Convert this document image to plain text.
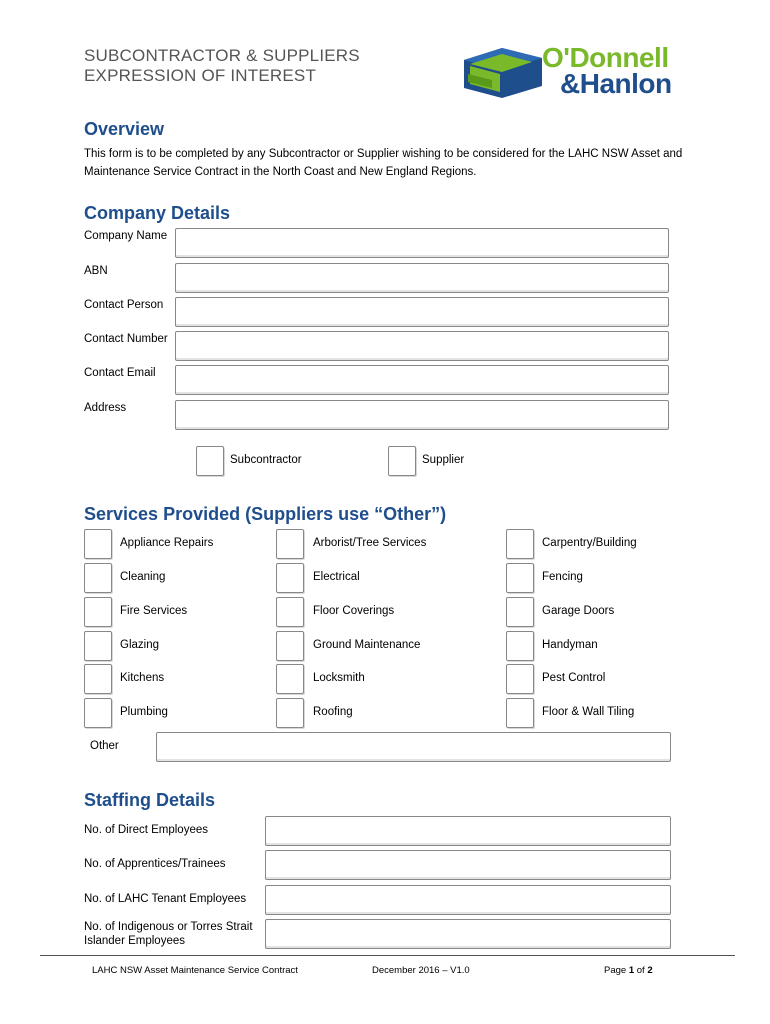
SUBCONTRACTOR & SUPPLIERS
EXPRESSION OF INTEREST
O'Donnell
&Hanlon
Overview
This form is to be completed by any Subcontractor or Supplier wishing to be considered for the LAHC NSW Asset and
Maintenance Service Contract in the North Coast and New England Regions.
Company Details
Company Name
ABN
Contact Person
Contact Number
Contact Email
Address
Subcontractor	Supplier
Services Provided (Suppliers use “Other”)
Appliance Repairs
Cleaning
Fire Services
Glazing
Kitchens
Plumbing
Arborist/Tree Services
Electrical
Floor Coverings
Ground Maintenance
Locksmith
Roofing
Carpentry/Building
Fencing
Garage Doors
Handyman
Pest Control
Floor & Wall Tiling
Other
Staffing Details
No. of Direct Employees
No. of Apprentices/Trainees
No. of LAHC Tenant Employees
No. of Indigenous or Torres Strait
Islander Employees
LAHC NSW Asset Maintenance Service Contract	December 2016 – V1.0	Page 1 of 2
